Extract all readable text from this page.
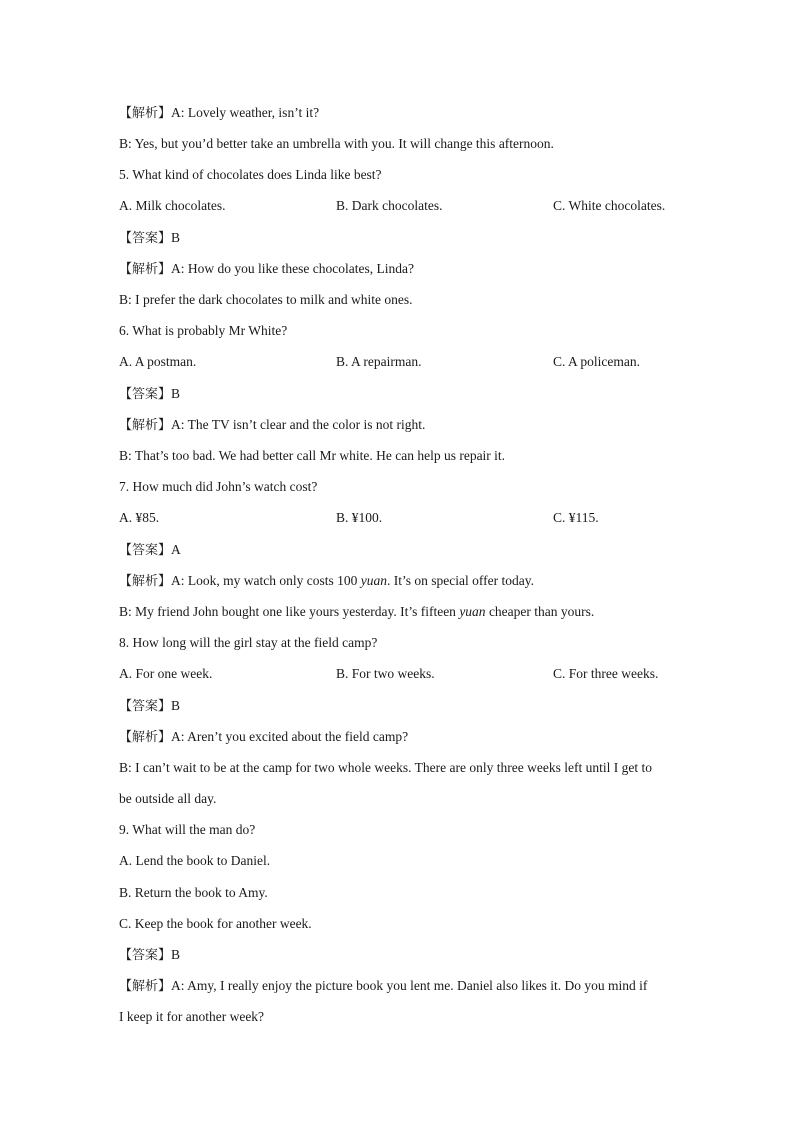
【解析】A: Lovely weather, isn’t it?
B: Yes, but you’d better take an umbrella with you. It will change this afternoon.
5. What kind of chocolates does Linda like best?
A. Milk chocolates.	B. Dark chocolates.	C. White chocolates.
【答案】B
【解析】A: How do you like these chocolates, Linda?
B: I prefer the dark chocolates to milk and white ones.
6. What is probably Mr White?
A. A postman.	B. A repairman.	C. A policeman.
【答案】B
【解析】A: The TV isn’t clear and the color is not right.
B: That’s too bad. We had better call Mr white. He can help us repair it.
7. How much did John’s watch cost?
A. ¥85.	B. ¥100.	C. ¥115.
【答案】A
【解析】A: Look, my watch only costs 100 yuan. It’s on special offer today.
B: My friend John bought one like yours yesterday. It’s fifteen yuan cheaper than yours.
8. How long will the girl stay at the field camp?
A. For one week.	B. For two weeks.	C. For three weeks.
【答案】B
【解析】A: Aren’t you excited about the field camp?
B: I can’t wait to be at the camp for two whole weeks. There are only three weeks left until I get to
be outside all day.
9. What will the man do?
A. Lend the book to Daniel.
B. Return the book to Amy.
C. Keep the book for another week.
【答案】B
【解析】A: Amy, I really enjoy the picture book you lent me. Daniel also likes it. Do you mind if
I keep it for another week?
